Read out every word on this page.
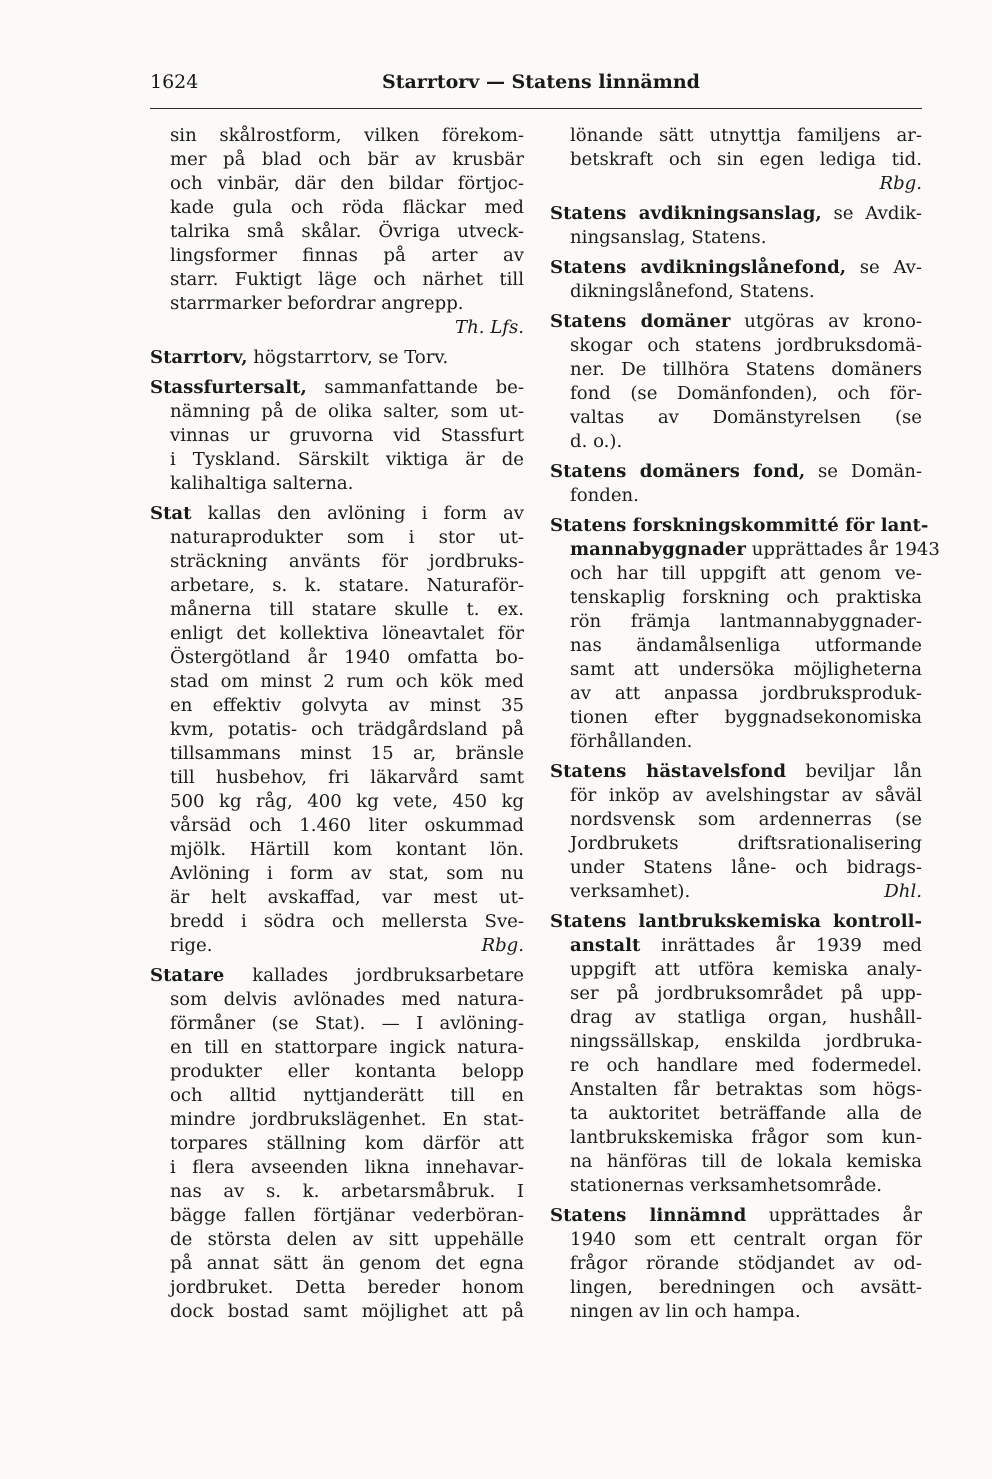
1624	Starrtorv — Statens linnämnd
sin skålrostform, vilken förekom-
mer på blad och bär av krusbär
och vinbär, där den bildar förtjoc-
kade gula och röda fläckar med
talrika små skålar. Övriga utveck-
lingsformer finnas på arter av
starr. Fuktigt läge och närhet till
starrmarker befordrar angrepp.
Th. Lfs.
Starrtorv, högstarrtorv, se Torv.
Stassfurtersalt, sammanfattande be-
nämning på de olika salter, som ut-
vinnas ur gruvorna vid Stassfurt
i Tyskland. Särskilt viktiga är de
kalihaltiga salterna.
Stat kallas den avlöning i form av
naturaprodukter som i stor ut-
sträckning använts för jordbruks-
arbetare, s. k. statare. Naturaför-
månerna till statare skulle t. ex.
enligt det kollektiva löneavtalet för
Östergötland år 1940 omfatta bo-
stad om minst 2 rum och kök med
en effektiv golvyta av minst 35
kvm, potatis- och trädgårdsland på
tillsammans minst 15 ar, bränsle
till husbehov, fri läkarvård samt
500 kg råg, 400 kg vete, 450 kg
vårsäd och 1.460 liter oskummad
mjölk. Härtill kom kontant lön.
Avlöning i form av stat, som nu
är helt avskaffad, var mest ut-
bredd i södra och mellersta Sve-
rige.	Rbg.
Statare kallades jordbruksarbetare
som delvis avlönades med natura-
förmåner (se Stat). — I avlöning-
en till en stattorpare ingick natura-
produkter eller kontanta belopp
och alltid nyttjanderätt till en
mindre jordbrukslägenhet. En stat-
torpares ställning kom därför att
i flera avseenden likna innehavar-
nas av s. k. arbetarsmåbruk. I
bägge fallen förtjänar vederböran-
de största delen av sitt uppehälle
på annat sätt än genom det egna
jordbruket. Detta bereder honom
dock bostad samt möjlighet att på
lönande sätt utnyttja familjens ar-
betskraft och sin egen lediga tid.
Rbg.
Statens avdikningsanslag, se Avdik-
ningsanslag, Statens.
Statens avdikningslånefond, se Av-
dikningslånefond, Statens.
Statens domäner utgöras av krono-
skogar och statens jordbruksdomä-
ner. De tillhöra Statens domäners
fond (se Domänfonden), och för-
valtas av Domänstyrelsen (se
d. o.).
Statens domäners fond, se Domän-
fonden.
Statens forskningskommitté för lant-
mannabyggnader upprättades år 1943
och har till uppgift att genom ve-
tenskaplig forskning och praktiska
rön främja lantmannabyggnader-
nas ändamålsenliga utformande
samt att undersöka möjligheterna
av att anpassa jordbruksproduk-
tionen efter byggnadsekonomiska
förhållanden.
Statens hästavelsfond beviljar lån
för inköp av avelshingstar av såväl
nordsvensk som ardennerras (se
Jordbrukets driftsrationalisering
under Statens låne- och bidrags-
verksamhet).	Dhl.
Statens lantbrukskemiska kontroll-
anstalt inrättades år 1939 med
uppgift att utföra kemiska analy-
ser på jordbruksområdet på upp-
drag av statliga organ, hushåll-
ningssällskap, enskilda jordbruka-
re och handlare med fodermedel.
Anstalten får betraktas som högs-
ta auktoritet beträffande alla de
lantbrukskemiska frågor som kun-
na hänföras till de lokala kemiska
stationernas verksamhetsområde.
Statens linnämnd upprättades år
1940 som ett centralt organ för
frågor rörande stödjandet av od-
lingen, beredningen och avsätt-
ningen av lin och hampa.
